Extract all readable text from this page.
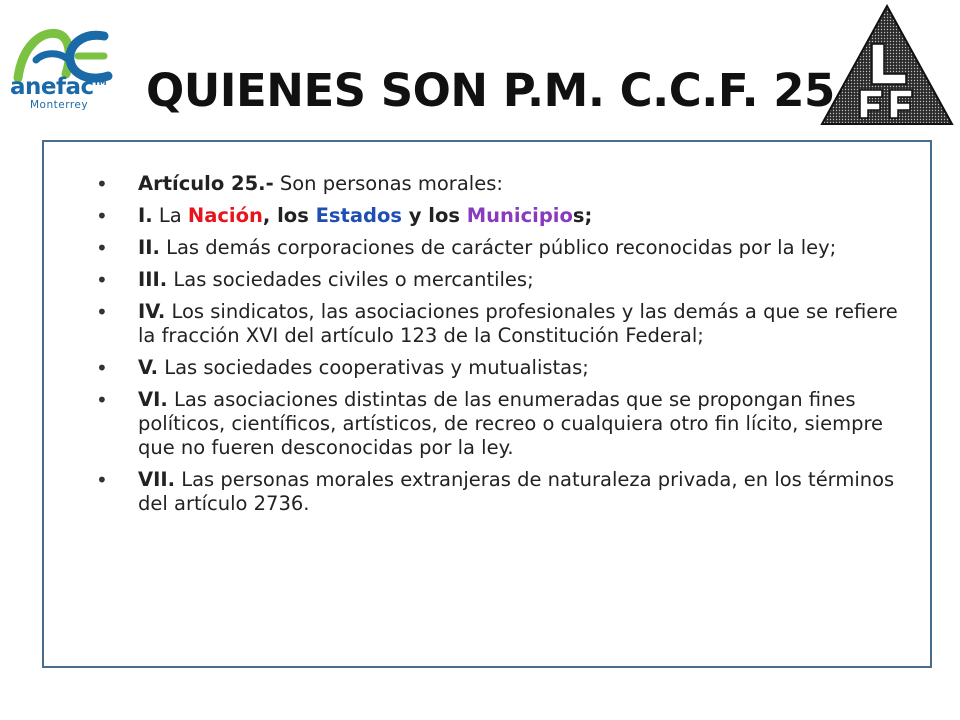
anefac™
Monterrey QUIENES SON P.M. C.C.F. 25
• Artículo 25.- Son personas morales:
• I. La Nación, los Estados y los Municipios;
• II. Las demás corporaciones de carácter público reconocidas por la ley;
• III. Las sociedades civiles o mercantiles;
• IV. Los sindicatos, las asociaciones profesionales y las demás a que se refiere la fracción XVI del artículo 123 de la Constitución Federal;
• V. Las sociedades cooperativas y mutualistas;
• VI. Las asociaciones distintas de las enumeradas que se propongan fines políticos, científicos, artísticos, de recreo o cualquiera otro fin lícito, siempre que no fueren desconocidas por la ley.
• VII. Las personas morales extranjeras de naturaleza privada, en los términos del artículo 2736.
